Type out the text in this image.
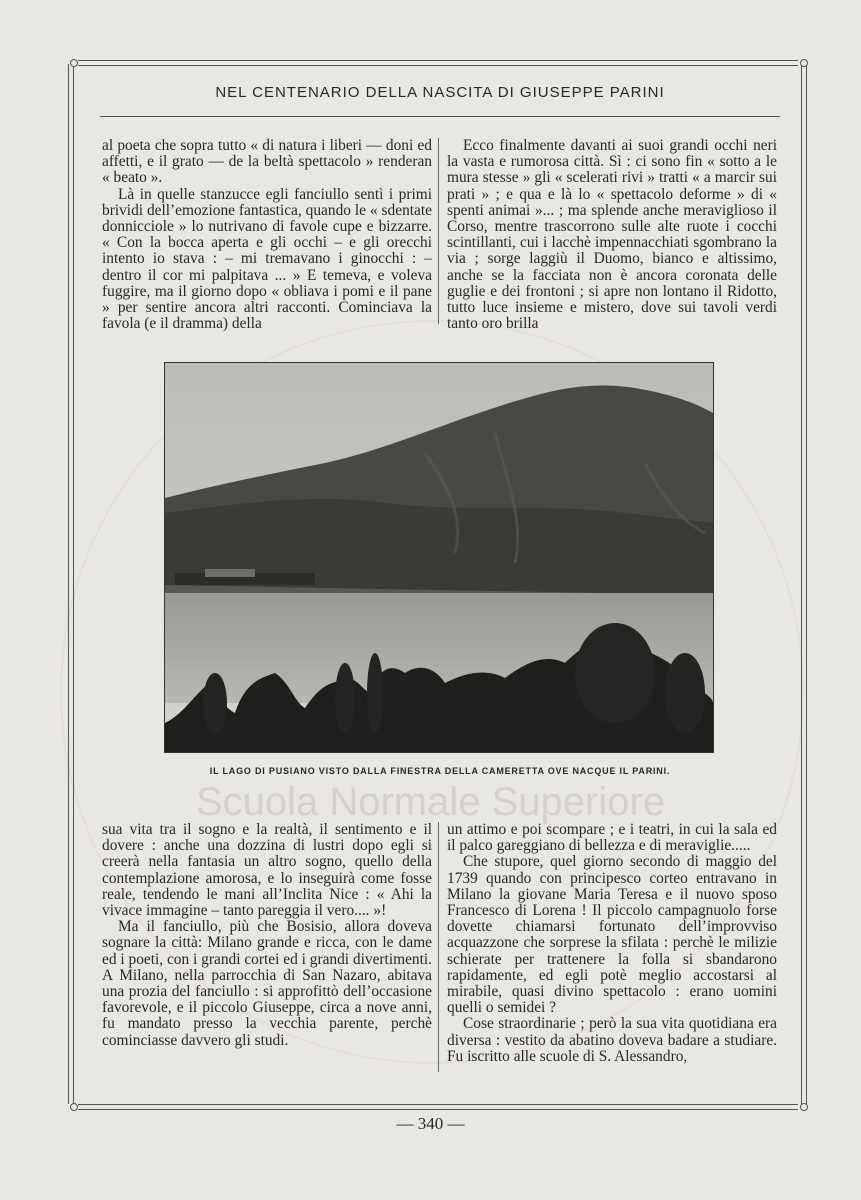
Scuola Normale Superiore
NEL CENTENARIO DELLA NASCITA DI GIUSEPPE PARINI

al poeta che sopra tutto « di natura i liberi — doni ed affetti, e il grato — de la beltà spettacolo » renderan « beato ».

Là in quelle stanzucce egli fanciullo sentì i primi brividi dell’emozione fantastica, quando le « sdentate donnicciole » lo nutrivano di favole cupe e bizzarre. « Con la bocca aperta e gli occhi – e gli orecchi intento io stava : – mi tremavano i ginocchi : – dentro il cor mi palpitava ... » E temeva, e voleva fuggire, ma il giorno dopo « obliava i pomi e il pane » per sentire ancora altri racconti. Cominciava la favola (e il dramma) della

Ecco finalmente davanti ai suoi grandi occhi neri la vasta e rumorosa città. Sì : ci sono fin « sotto a le mura stesse » gli « scelerati rivi » tratti « a marcir sui prati » ; e qua e là lo « spettacolo deforme » di « spenti animai »... ; ma splende anche meraviglioso il Corso, mentre trascorrono sulle alte ruote i cocchi scintillanti, cui i lacchè impennacchiati sgombrano la via ; sorge laggiù il Duomo, bianco e altissimo, anche se la facciata non è ancora coronata delle guglie e dei frontoni ; si apre non lontano il Ridotto, tutto luce insieme e mistero, dove sui tavoli verdi tanto oro brilla

IL LAGO DI PUSIANO VISTO DALLA FINESTRA DELLA CAMERETTA OVE NACQUE IL PARINI.

sua vita tra il sogno e la realtà, il sentimento e il dovere : anche una dozzina di lustri dopo egli si creerà nella fantasia un altro sogno, quello della contemplazione amorosa, e lo inseguirà come fosse reale, tendendo le mani all’Inclita Nice : « Ahi la vivace immagine – tanto pareggia il vero.... »!

Ma il fanciullo, più che Bosisio, allora doveva sognare la città: Milano grande e ricca, con le dame ed i poeti, con i grandi cortei ed i grandi divertimenti. A Milano, nella parrocchia di San Nazaro, abitava una prozia del fanciullo : si approfittò dell’occasione favorevole, e il piccolo Giuseppe, circa a nove anni, fu mandato presso la vecchia parente, perchè cominciasse davvero gli studi.

un attimo e poi scompare ; e i teatri, in cui la sala ed il palco gareggiano di bellezza e di meraviglie.....

Che stupore, quel giorno secondo di maggio del 1739 quando con principesco corteo entravano in Milano la giovane Maria Teresa e il nuovo sposo Francesco di Lorena ! Il piccolo campagnuolo forse dovette chiamarsi fortunato dell’improvviso acquazzone che sorprese la sfilata : perchè le milizie schierate per trattenere la folla si sbandarono rapidamente, ed egli potè meglio accostarsi al mirabile, quasi divino spettacolo : erano uomini quelli o semidei ?

Cose straordinarie ; però la sua vita quotidiana era diversa : vestito da abatino doveva badare a studiare. Fu iscritto alle scuole di S. Alessandro,

— 340 —
